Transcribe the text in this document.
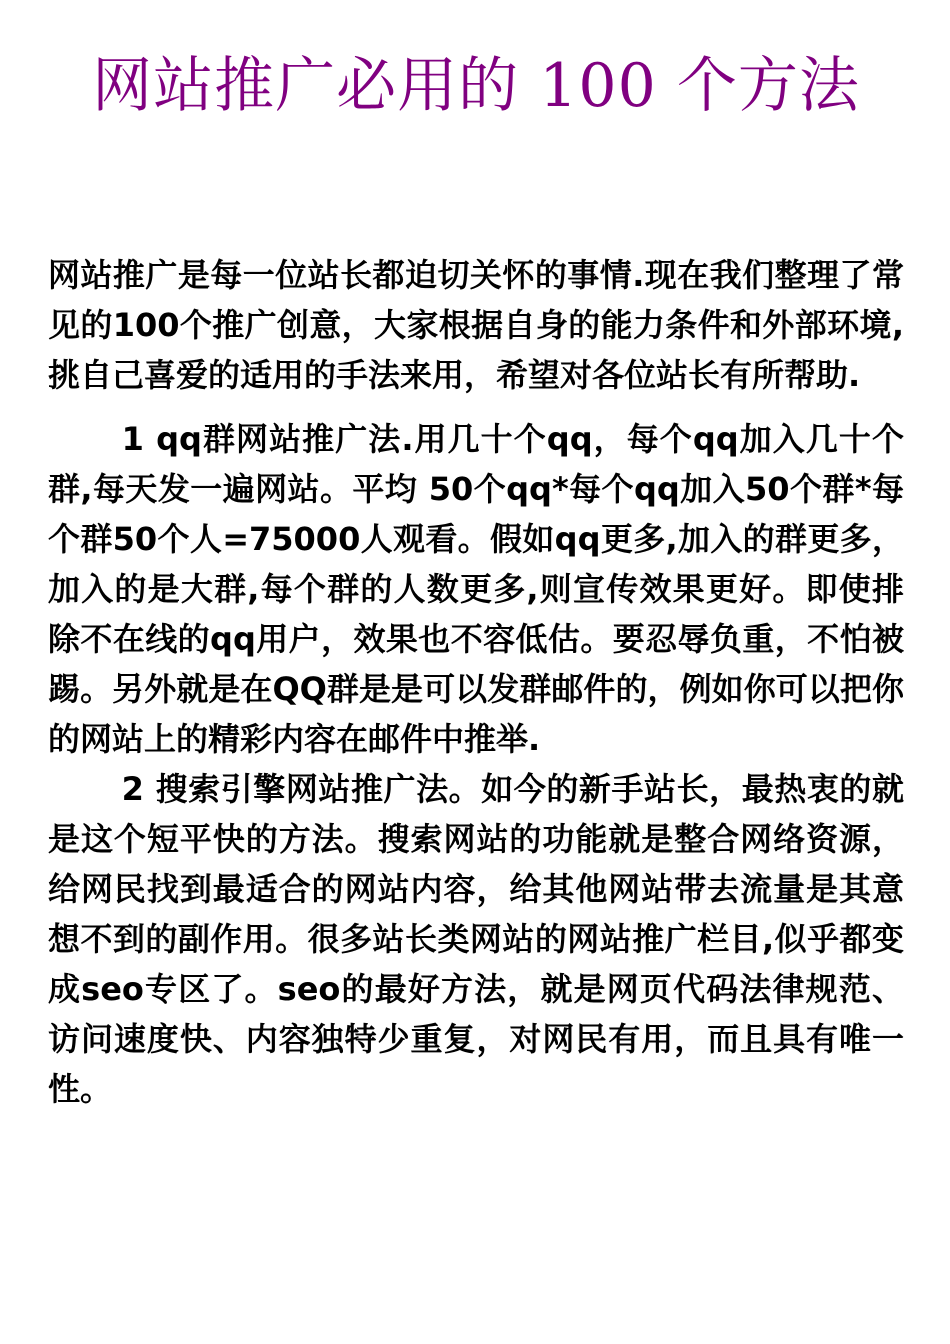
网站推广必用的 100 个方法

网站推广是每一位站长都迫切关怀的事情.现在我们整理了常见的100个推广创意，大家根据自身的能力条件和外部环境,挑自己喜爱的适用的手法来用，希望对各位站长有所帮助.

1 qq群网站推广法.用几十个qq，每个qq加入几十个群,每天发一遍网站。平均 50个qq*每个qq加入50个群*每个群50个人=75000人观看。假如qq更多,加入的群更多，加入的是大群,每个群的人数更多,则宣传效果更好。即使排除不在线的qq用户，效果也不容低估。要忍辱负重，不怕被踢。另外就是在QQ群是是可以发群邮件的，例如你可以把你的网站上的精彩内容在邮件中推举.

2 搜索引擎网站推广法。如今的新手站长，最热衷的就是这个短平快的方法。搜索网站的功能就是整合网络资源，给网民找到最适合的网站内容，给其他网站带去流量是其意想不到的副作用。很多站长类网站的网站推广栏目,似乎都变成seo专区了。seo的最好方法，就是网页代码法律规范、访问速度快、内容独特少重复，对网民有用，而且具有唯一性。
